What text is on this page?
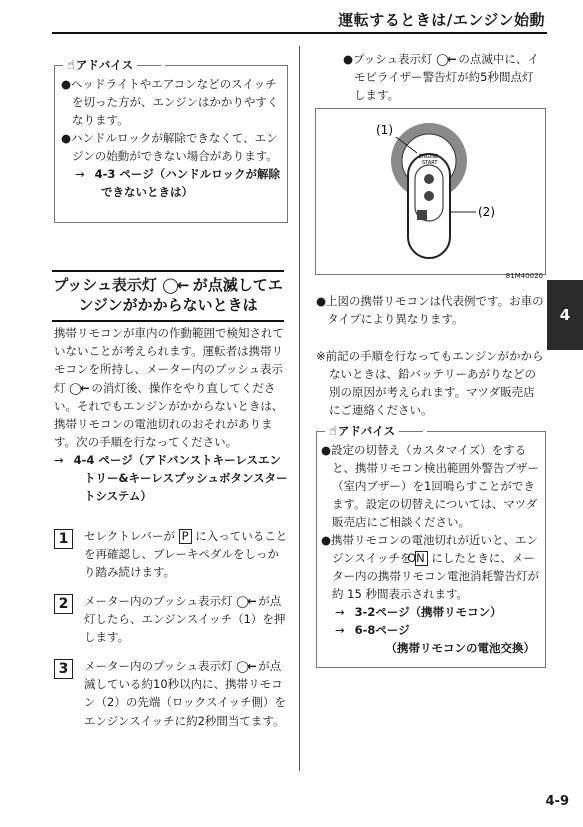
運転するときは/エンジン始動
☝アドバイス

●ヘッドライトやエアコンなどのスイッチを切った方が、エンジンはかかりやすくなります。

●ハンドルロックが解除できなくて、エンジンの始動ができない場合があります。

→ 4-3 ページ（ハンドルロックが解除できないときは）

プッシュ表示灯 ◯← が点滅してエンジンがかからないときは

携帯リモコンが車内の作動範囲で検知されていないことが考えられます。運転者は携帯リモコンを所持し、メーター内のプッシュ表示灯 ◯← の消灯後、操作をやり直してください。それでもエンジンがかからないときは、携帯リモコンの電池切れのおそれがあります。次の手順を行なってください。

→ 4-4 ページ（アドバンストキーレスエントリー&キーレスプッシュボタンスタートシステム）

1	セレクトレバーが P に入っていることを再確認し、ブレーキペダルをしっかり踏み続けます。
2	メーター内のプッシュ表示灯 ◯← が点灯したら、エンジンスイッチ（1）を押します。
3	メーター内のプッシュ表示灯 ◯← が点滅している約10秒以内に、携帯リモコン（2）の先端（ロックスイッチ側）をエンジンスイッチに約2秒間当てます。

●プッシュ表示灯 ◯← の点滅中に、イモビライザー警告灯が約5秒間点灯します。

ENGINE
START
(1)
(2)
81M40020

●上図の携帯リモコンは代表例です。お車のタイプにより異なります。

※前記の手順を行なってもエンジンがかからないときは、鉛バッテリーあがりなどの別の原因が考えられます。マツダ販売店にご連絡ください。

☝アドバイス

●設定の切替え（カスタマイズ）をすると、携帯リモコン検出範囲外警告ブザー（室内ブザー）を1回鳴らすことができます。設定の切替えについては、マツダ販売店にご相談ください。

●携帯リモコンの電池切れが近いと、エンジンスイッチを ON にしたときに、メーター内の携帯リモコン電池消耗警告灯が約 15 秒間表示されます。

→ 3-2ページ（携帯リモコン）

→ 6-8ページ

（携帯リモコンの電池交換）

4
4-9
